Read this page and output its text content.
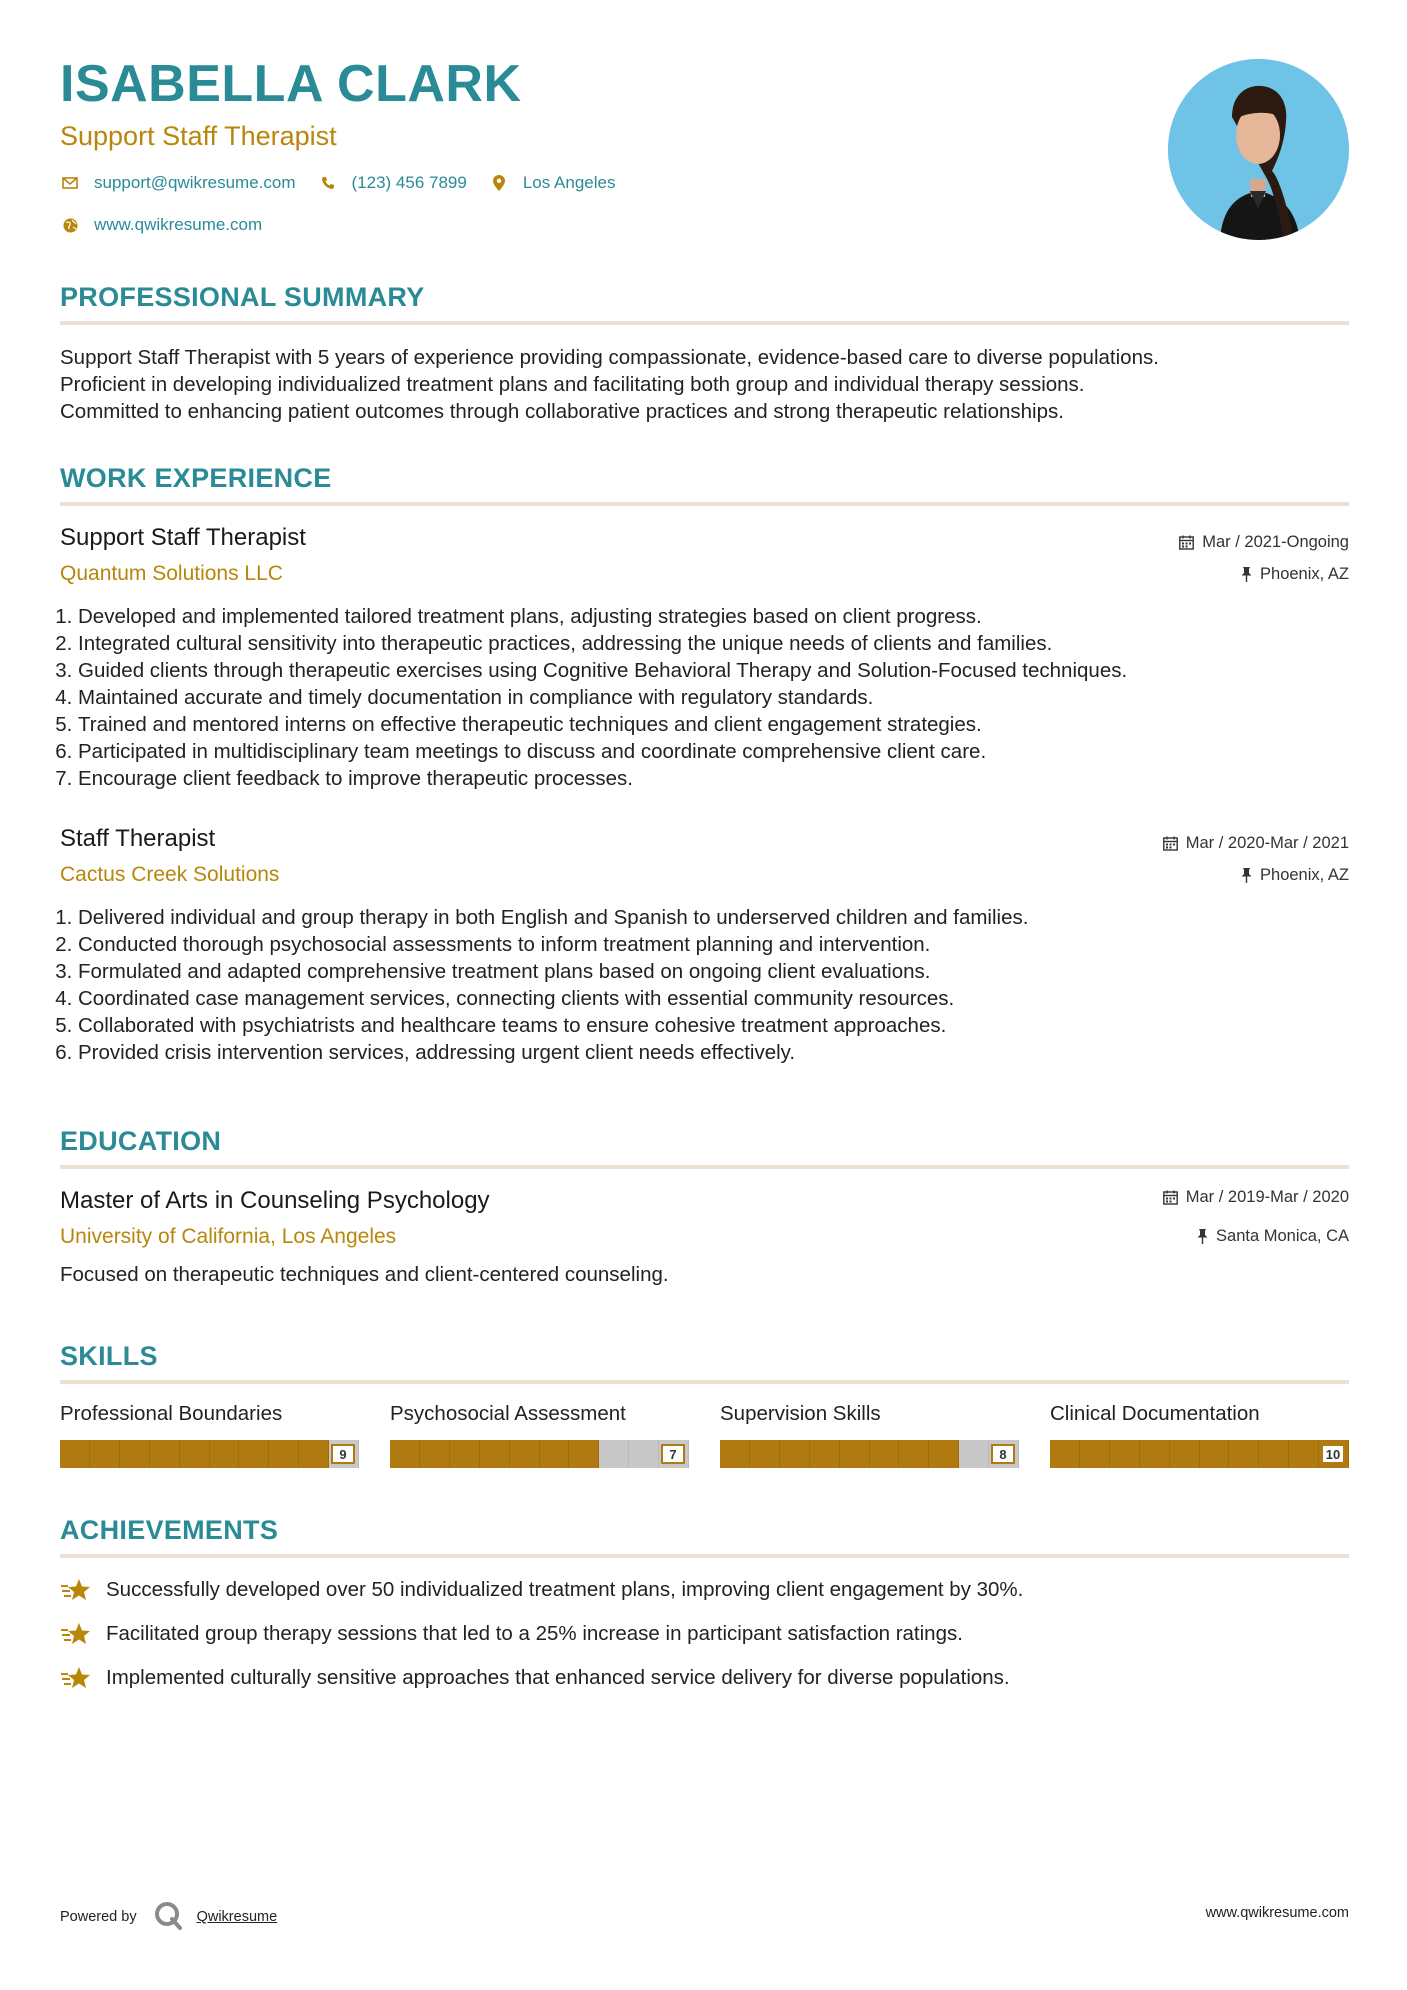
ISABELLA CLARK
Support Staff Therapist
support@qwikresume.com	(123) 456 7899	Los Angeles
www.qwikresume.com
PROFESSIONAL SUMMARY
Support Staff Therapist with 5 years of experience providing compassionate, evidence-based care to diverse populations.
Proficient in developing individualized treatment plans and facilitating both group and individual therapy sessions.
Committed to enhancing patient outcomes through collaborative practices and strong therapeutic relationships.
WORK EXPERIENCE
Support Staff Therapist
Quantum Solutions LLC
Mar / 2021-Ongoing
Phoenix, AZ
1. Developed and implemented tailored treatment plans, adjusting strategies based on client progress.
2. Integrated cultural sensitivity into therapeutic practices, addressing the unique needs of clients and families.
3. Guided clients through therapeutic exercises using Cognitive Behavioral Therapy and Solution-Focused techniques.
4. Maintained accurate and timely documentation in compliance with regulatory standards.
5. Trained and mentored interns on effective therapeutic techniques and client engagement strategies.
6. Participated in multidisciplinary team meetings to discuss and coordinate comprehensive client care.
7. Encourage client feedback to improve therapeutic processes.
Staff Therapist
Cactus Creek Solutions
Mar / 2020-Mar / 2021
Phoenix, AZ
1. Delivered individual and group therapy in both English and Spanish to underserved children and families.
2. Conducted thorough psychosocial assessments to inform treatment planning and intervention.
3. Formulated and adapted comprehensive treatment plans based on ongoing client evaluations.
4. Coordinated case management services, connecting clients with essential community resources.
5. Collaborated with psychiatrists and healthcare teams to ensure cohesive treatment approaches.
6. Provided crisis intervention services, addressing urgent client needs effectively.
EDUCATION
Master of Arts in Counseling Psychology
University of California, Los Angeles
Mar / 2019-Mar / 2020
Santa Monica, CA
Focused on therapeutic techniques and client-centered counseling.
SKILLS
Professional Boundaries
9
Psychosocial Assessment
7
Supervision Skills
8
Clinical Documentation
10
ACHIEVEMENTS
Successfully developed over 50 individualized treatment plans, improving client engagement by 30%.
Facilitated group therapy sessions that led to a 25% increase in participant satisfaction ratings.
Implemented culturally sensitive approaches that enhanced service delivery for diverse populations.
Powered by	Qwikresume	www.qwikresume.com
